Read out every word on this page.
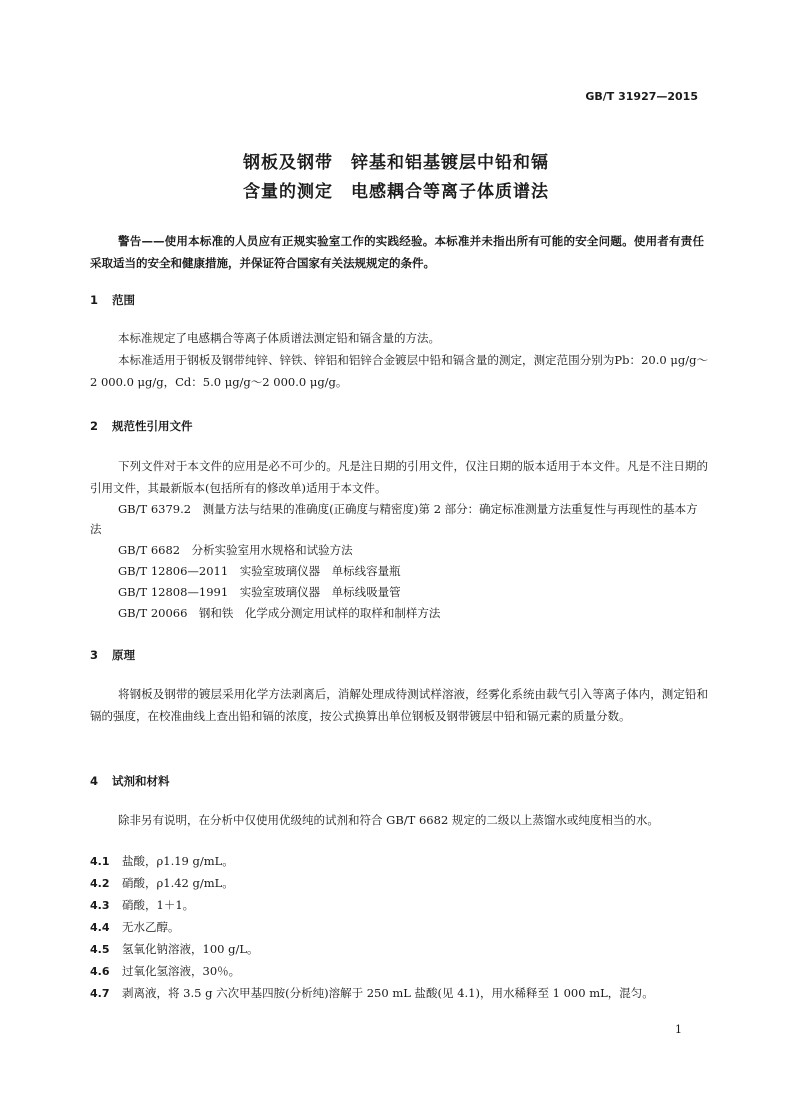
GB/T 31927—2015
钢板及钢带　锌基和铝基镀层中铅和镉
含量的测定　电感耦合等离子体质谱法
警告——使用本标准的人员应有正规实验室工作的实践经验。本标准并未指出所有可能的安全问题。使用者有责任采取适当的安全和健康措施，并保证符合国家有关法规规定的条件。
1 范围
本标准规定了电感耦合等离子体质谱法测定铅和镉含量的方法。
本标准适用于钢板及钢带纯锌、锌铁、锌铝和铝锌合金镀层中铅和镉含量的测定，测定范围分别为Pb：20.0 μg/g～2 000.0 μg/g，Cd：5.0 μg/g～2 000.0 μg/g。
2 规范性引用文件
下列文件对于本文件的应用是必不可少的。凡是注日期的引用文件，仅注日期的版本适用于本文件。凡是不注日期的引用文件，其最新版本(包括所有的修改单)适用于本文件。
GB/T 6379.2　测量方法与结果的准确度(正确度与精密度)第 2 部分：确定标准测量方法重复性与再现性的基本方法
GB/T 6682　分析实验室用水规格和试验方法
GB/T 12806—2011　实验室玻璃仪器　单标线容量瓶
GB/T 12808—1991　实验室玻璃仪器　单标线吸量管
GB/T 20066　钢和铁　化学成分测定用试样的取样和制样方法
3 原理
将钢板及钢带的镀层采用化学方法剥离后，消解处理成待测试样溶液，经雾化系统由载气引入等离子体内，测定铅和镉的强度，在校准曲线上查出铅和镉的浓度，按公式换算出单位钢板及钢带镀层中铅和镉元素的质量分数。
4 试剂和材料
除非另有说明，在分析中仅使用优级纯的试剂和符合 GB/T 6682 规定的二级以上蒸馏水或纯度相当的水。
4.1 盐酸，ρ1.19 g/mL。
4.2 硝酸，ρ1.42 g/mL。
4.3 硝酸，1＋1。
4.4 无水乙醇。
4.5 氢氧化钠溶液，100 g/L。
4.6 过氧化氢溶液，30％。
4.7 剥离液，将 3.5 g 六次甲基四胺(分析纯)溶解于 250 mL 盐酸(见 4.1)，用水稀释至 1 000 mL，混匀。
1
